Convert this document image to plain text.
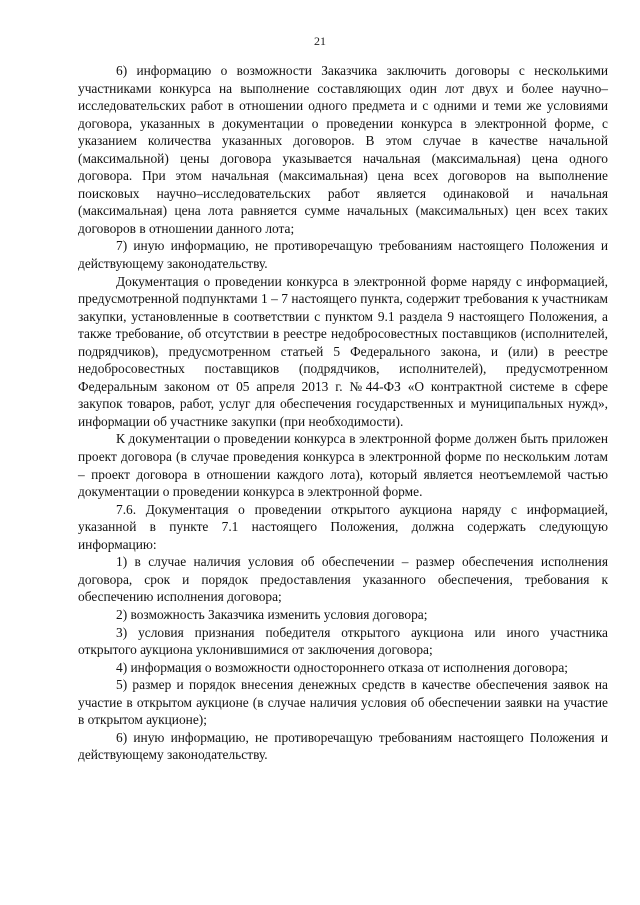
21

6) информацию о возможности Заказчика заключить договоры с несколькими участниками конкурса на выполнение составляющих один лот двух и более научно–исследовательских работ в отношении одного предмета и с одними и теми же условиями договора, указанных в документации о проведении конкурса в электронной форме, с указанием количества указанных договоров. В этом случае в качестве начальной (максимальной) цены договора указывается начальная (максимальная) цена одного договора. При этом начальная (максимальная) цена всех договоров на выполнение поисковых научно–исследовательских работ является одинаковой и начальная (максимальная) цена лота равняется сумме начальных (максимальных) цен всех таких договоров в отношении данного лота;

7) иную информацию, не противоречащую требованиям настоящего Положения и действующему законодательству.

Документация о проведении конкурса в электронной форме наряду с информацией, предусмотренной подпунктами 1 – 7 настоящего пункта, содержит требования к участникам закупки, установленные в соответствии с пунктом 9.1 раздела 9 настоящего Положения, а также требование, об отсутствии в реестре недобросовестных поставщиков (исполнителей, подрядчиков), предусмотренном статьей 5 Федерального закона, и (или) в реестре недобросовестных поставщиков (подрядчиков, исполнителей), предусмотренном Федеральным законом от 05 апреля 2013 г. №44-ФЗ «О контрактной системе в сфере закупок товаров, работ, услуг для обеспечения государственных и муниципальных нужд», информации об участнике закупки (при необходимости).

К документации о проведении конкурса в электронной форме должен быть приложен проект договора (в случае проведения конкурса в электронной форме по нескольким лотам – проект договора в отношении каждого лота), который является неотъемлемой частью документации о проведении конкурса в электронной форме.

7.6. Документация о проведении открытого аукциона наряду с информацией, указанной в пункте 7.1 настоящего Положения, должна содержать следующую информацию:

1) в случае наличия условия об обеспечении – размер обеспечения исполнения договора, срок и порядок предоставления указанного обеспечения, требования к обеспечению исполнения договора;

2) возможность Заказчика изменить условия договора;

3) условия признания победителя открытого аукциона или иного участника открытого аукциона уклонившимися от заключения договора;

4) информация о возможности одностороннего отказа от исполнения договора;

5) размер и порядок внесения денежных средств в качестве обеспечения заявок на участие в открытом аукционе (в случае наличия условия об обеспечении заявки на участие в открытом аукционе);

6) иную информацию, не противоречащую требованиям настоящего Положения и действующему законодательству.
